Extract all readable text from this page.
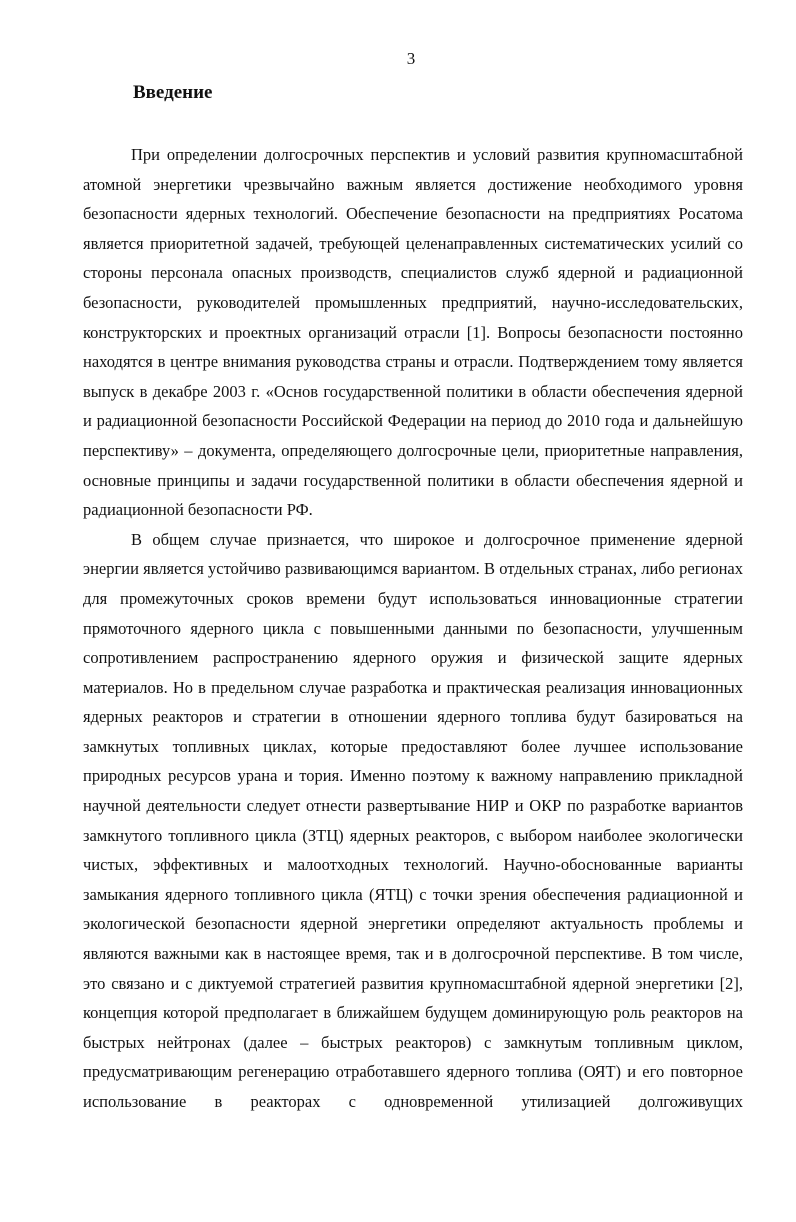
3
Введение
При определении долгосрочных перспектив и условий развития крупномасштабной
атомной энергетики чрезвычайно важным является достижение необходимого уровня
безопасности ядерных технологий. Обеспечение безопасности на предприятиях Росатома
является приоритетной задачей, требующей целенаправленных систематических усилий со
стороны персонала опасных производств, специалистов служб ядерной и радиационной
безопасности, руководителей промышленных предприятий, научно-исследовательских,
конструкторских и проектных организаций отрасли [1]. Вопросы безопасности постоянно
находятся в центре внимания руководства страны и отрасли. Подтверждением тому является
выпуск в декабре 2003 г. «Основ государственной политики в области обеспечения ядерной
и радиационной безопасности Российской Федерации на период до 2010 года и дальнейшую
перспективу» – документа, определяющего долгосрочные цели, приоритетные направления,
основные принципы и задачи государственной политики в области обеспечения ядерной и
радиационной безопасности РФ.
В общем случае признается, что широкое и долгосрочное применение ядерной
энергии является устойчиво развивающимся вариантом. В отдельных странах, либо регионах
для промежуточных сроков времени будут использоваться инновационные стратегии
прямоточного ядерного цикла с повышенными данными по безопасности, улучшенным
сопротивлением распространению ядерного оружия и физической защите ядерных
материалов. Но в предельном случае разработка и практическая реализация инновационных
ядерных реакторов и стратегии в отношении ядерного топлива будут базироваться на
замкнутых топливных циклах, которые предоставляют более лучшее использование
природных ресурсов урана и тория. Именно поэтому к важному направлению прикладной
научной деятельности следует отнести развертывание НИР и ОКР по разработке вариантов
замкнутого топливного цикла (ЗТЦ) ядерных реакторов, с выбором наиболее экологически
чистых, эффективных и малоотходных технологий. Научно-обоснованные варианты
замыкания ядерного топливного цикла (ЯТЦ) с точки зрения обеспечения радиационной и
экологической безопасности ядерной энергетики определяют актуальность проблемы и
являются важными как в настоящее время, так и в долгосрочной перспективе. В том числе,
это связано и с диктуемой стратегией развития крупномасштабной ядерной энергетики [2],
концепция которой предполагает в ближайшем будущем доминирующую роль реакторов на
быстрых нейтронах (далее – быстрых реакторов) с замкнутым топливным циклом,
предусматривающим регенерацию отработавшего ядерного топлива (ОЯТ) и его повторное
использование в реакторах с одновременной утилизацией долгоживущих
